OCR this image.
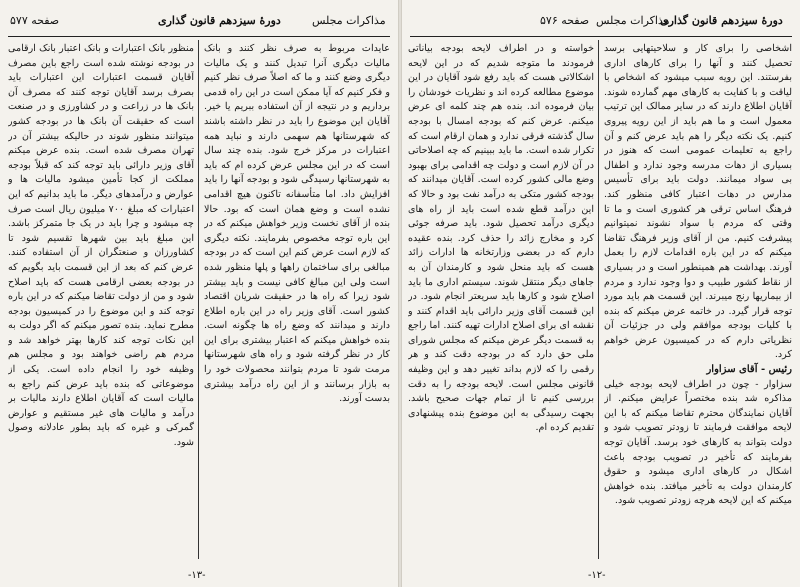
صفحه ۵۷۷	دورهٔ سیزدهم قانون گذاری	مذاکرات مجلس

منظور بانک اعتبارات و بانک اعتبار بانک ارقامی در بودجه نوشته شده است راجع باین مصرف آقایان قسمت اعتبارات این اعتبارات باید بصرف برسد آقایان توجه کنند که مصرف آن بانک ها در زراعت و در کشاورزی و در صنعت است که حقیقت آن بانک ها در بودجه کشور میتوانند منظور شوند در حالیکه بیشتر آن در تهران مصرف شده است. بنده عرض میکنم آقای وزیر دارائی باید توجه کند که قبلاً بودجه مملکت از کجا تأمین میشود مالیات ها و عوارض و درآمدهای دیگر. ما باید بدانیم که این اعتبارات که مبلغ ۷۰۰ میلیون ریال است صرف چه میشود و چرا باید در یک جا متمرکز باشد. این مبلغ باید بین شهرها تقسیم شود تا کشاورزان و صنعتگران از آن استفاده کنند. عرض کنم که بعد از این قسمت باید بگویم که در بودجه بعضی ارقامی هست که باید اصلاح شود و من از دولت تقاضا میکنم که در این باره توجه کند و این موضوع را در کمیسیون بودجه مطرح نماید. بنده تصور میکنم که اگر دولت به این نکات توجه کند کارها بهتر خواهد شد و مردم هم راضی خواهند بود و مجلس هم وظیفه خود را انجام داده است. یکی از موضوعاتی که بنده باید عرض کنم راجع به مالیات است که آقایان اطلاع دارند مالیات بر درآمد و مالیات های غیر مستقیم و عوارض گمرکی و غیره که باید بطور عادلانه وصول شود.

عایدات مربوط به صرف نظر کنند و بانک مالیات دیگری آنرا تبدیل کنند و یک مالیات دیگری وضع کنند و ما که اصلاً صرف نظر کنیم و فکر کنیم که آیا ممکن است در این راه قدمی برداریم و در نتیجه از آن استفاده ببریم یا خیر. آقایان این موضوع را باید در نظر داشته باشند که شهرستانها هم سهمی دارند و نباید همه اعتبارات در مرکز خرج شود. بنده چند سال است که در این مجلس عرض کرده ام که باید به شهرستانها رسیدگی شود و بودجه آنها را باید افزایش داد. اما متأسفانه تاکنون هیچ اقدامی نشده است و وضع همان است که بود. حالا بنده از آقای نخست وزیر خواهش میکنم که در این باره توجه مخصوص بفرمایند. نکته دیگری که لازم است عرض کنم این است که در بودجه مبالغی برای ساختمان راهها و پلها منظور شده است ولی این مبالغ کافی نیست و باید بیشتر شود زیرا که راه ها در حقیقت شریان اقتصاد کشور است. آقای وزیر راه در این باره اطلاع دارند و میدانند که وضع راه ها چگونه است. بنده خواهش میکنم که اعتبار بیشتری برای این کار در نظر گرفته شود و راه های شهرستانها مرمت شود تا مردم بتوانند محصولات خود را به بازار برسانند و از این راه درآمد بیشتری بدست آورند.

-۱۳-
صفحه ۵۷۶ مذاکرات مجلس
دورهٔ سیزدهم قانون گذاری

خواسته و در اطراف لایحه بودجه بیاناتی فرمودند ما متوجه شدیم که در این لایحه اشکالاتی هست که باید رفع شود آقایان در این موضوع مطالعه کرده اند و نظریات خودشان را بیان فرموده اند. بنده هم چند کلمه ای عرض میکنم. عرض کنم که بودجه امسال با بودجه سال گذشته فرقی ندارد و همان ارقام است که تکرار شده است. ما باید ببینیم که چه اصلاحاتی در آن لازم است و دولت چه اقدامی برای بهبود وضع مالی کشور کرده است. آقایان میدانند که بودجه کشور متکی به درآمد نفت بود و حالا که این درآمد قطع شده است باید از راه های دیگری درآمد تحصیل شود. باید صرفه جوئی کرد و مخارج زائد را حذف کرد. بنده عقیده دارم که در بعضی وزارتخانه ها ادارات زائد هست که باید منحل شود و کارمندان آن به جاهای دیگر منتقل شوند. سیستم اداری ما باید اصلاح شود و کارها باید سریعتر انجام شود. در این قسمت آقای وزیر دارائی باید اقدام کنند و نقشه ای برای اصلاح ادارات تهیه کنند. اما راجع به قسمت دیگر عرض میکنم که مجلس شورای ملی حق دارد که در بودجه دقت کند و هر رقمی را که لازم بداند تغییر دهد و این وظیفه قانونی مجلس است. لایحه بودجه را به دقت بررسی کنیم تا از تمام جهات صحیح باشد. بجهت رسیدگی به این موضوع بنده پیشنهادی تقدیم کرده ام.

اشخاصی را برای کار و سلاحیتهایی برسد تحصیل کنند و آنها را برای کارهای اداری بفرستند. این رویه سبب میشود که اشخاص با لیاقت و با کفایت به کارهای مهم گمارده شوند. آقایان اطلاع دارند که در سایر ممالک این ترتیب معمول است و ما هم باید از این رویه پیروی کنیم. یک نکته دیگر را هم باید عرض کنم و آن راجع به تعلیمات عمومی است که هنوز در بسیاری از دهات مدرسه وجود ندارد و اطفال بی سواد میمانند. دولت باید برای تأسیس مدارس در دهات اعتبار کافی منظور کند. فرهنگ اساس ترقی هر کشوری است و ما تا وقتی که مردم با سواد نشوند نمیتوانیم پیشرفت کنیم. من از آقای وزیر فرهنگ تقاضا میکنم که در این باره اقدامات لازم را بعمل آورند. بهداشت هم همینطور است و در بسیاری از نقاط کشور طبیب و دوا وجود ندارد و مردم از بیماریها رنج میبرند. این قسمت هم باید مورد توجه قرار گیرد. در خاتمه عرض میکنم که بنده با کلیات بودجه موافقم ولی در جزئیات آن نظریاتی دارم که در کمیسیون عرض خواهم کرد.

رئیس - آقای سزاوار

سزاوار - چون در اطراف لایحه بودجه خیلی مذاکره شد بنده مختصراً عرایض میکنم. از آقایان نمایندگان محترم تقاضا میکنم که با این لایحه موافقت فرمایند تا زودتر تصویب شود و دولت بتواند به کارهای خود برسد. آقایان توجه بفرمایند که تأخیر در تصویب بودجه باعث اشکال در کارهای اداری میشود و حقوق کارمندان دولت به تأخیر میافتد. بنده خواهش میکنم که این لایحه هرچه زودتر تصویب شود.

-۱۲-
